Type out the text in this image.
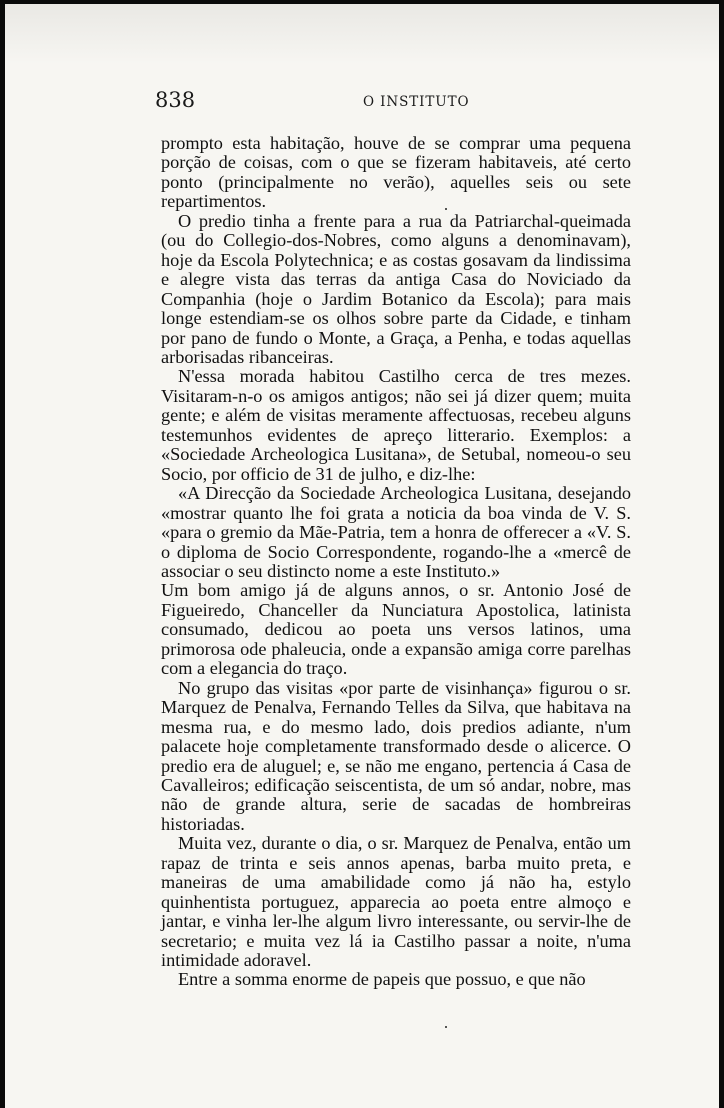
838	O INSTITUTO

prompto esta habitação, houve de se comprar uma pequena porção de coisas, com o que se fizeram habitaveis, até certo ponto (principalmente no verão), aquelles seis ou sete repartimentos.

O predio tinha a frente para a rua da Patriarchal-queimada (ou do Collegio-dos-Nobres, como alguns a denominavam), hoje da Escola Polytechnica; e as costas gosavam da lindissima e alegre vista das terras da antiga Casa do Noviciado da Companhia (hoje o Jardim Botanico da Escola); para mais longe estendiam-se os olhos sobre parte da Cidade, e tinham por pano de fundo o Monte, a Graça, a Penha, e todas aquellas arborisadas ribanceiras.

N'essa morada habitou Castilho cerca de tres mezes. Visitaram-n-o os amigos antigos; não sei já dizer quem; muita gente; e além de visitas meramente affectuosas, recebeu alguns testemunhos evidentes de apreço litterario. Exemplos: a «Sociedade Archeologica Lusitana», de Setubal, nomeou-o seu Socio, por officio de 31 de julho, e diz-lhe:

«A Direcção da Sociedade Archeologica Lusitana, desejando «mostrar quanto lhe foi grata a noticia da boa vinda de V. S. «para o gremio da Mãe-Patria, tem a honra de offerecer a «V. S. o diploma de Socio Correspondente, rogando-lhe a «mercê de associar o seu distincto nome a este Instituto.»

Um bom amigo já de alguns annos, o sr. Antonio José de Figueiredo, Chanceller da Nunciatura Apostolica, latinista consumado, dedicou ao poeta uns versos latinos, uma primorosa ode phaleucia, onde a expansão amiga corre parelhas com a elegancia do traço.

No grupo das visitas «por parte de visinhança» figurou o sr. Marquez de Penalva, Fernando Telles da Silva, que habitava na mesma rua, e do mesmo lado, dois predios adiante, n'um palacete hoje completamente transformado desde o alicerce. O predio era de aluguel; e, se não me engano, pertencia á Casa de Cavalleiros; edificação seiscentista, de um só andar, nobre, mas não de grande altura, serie de sacadas de hombreiras historiadas.

Muita vez, durante o dia, o sr. Marquez de Penalva, então um rapaz de trinta e seis annos apenas, barba muito preta, e maneiras de uma amabilidade como já não ha, estylo quinhentista portuguez, apparecia ao poeta entre almoço e jantar, e vinha ler-lhe algum livro interessante, ou servir-lhe de secretario; e muita vez lá ia Castilho passar a noite, n'uma intimidade adoravel.

Entre a somma enorme de papeis que possuo, e que não
